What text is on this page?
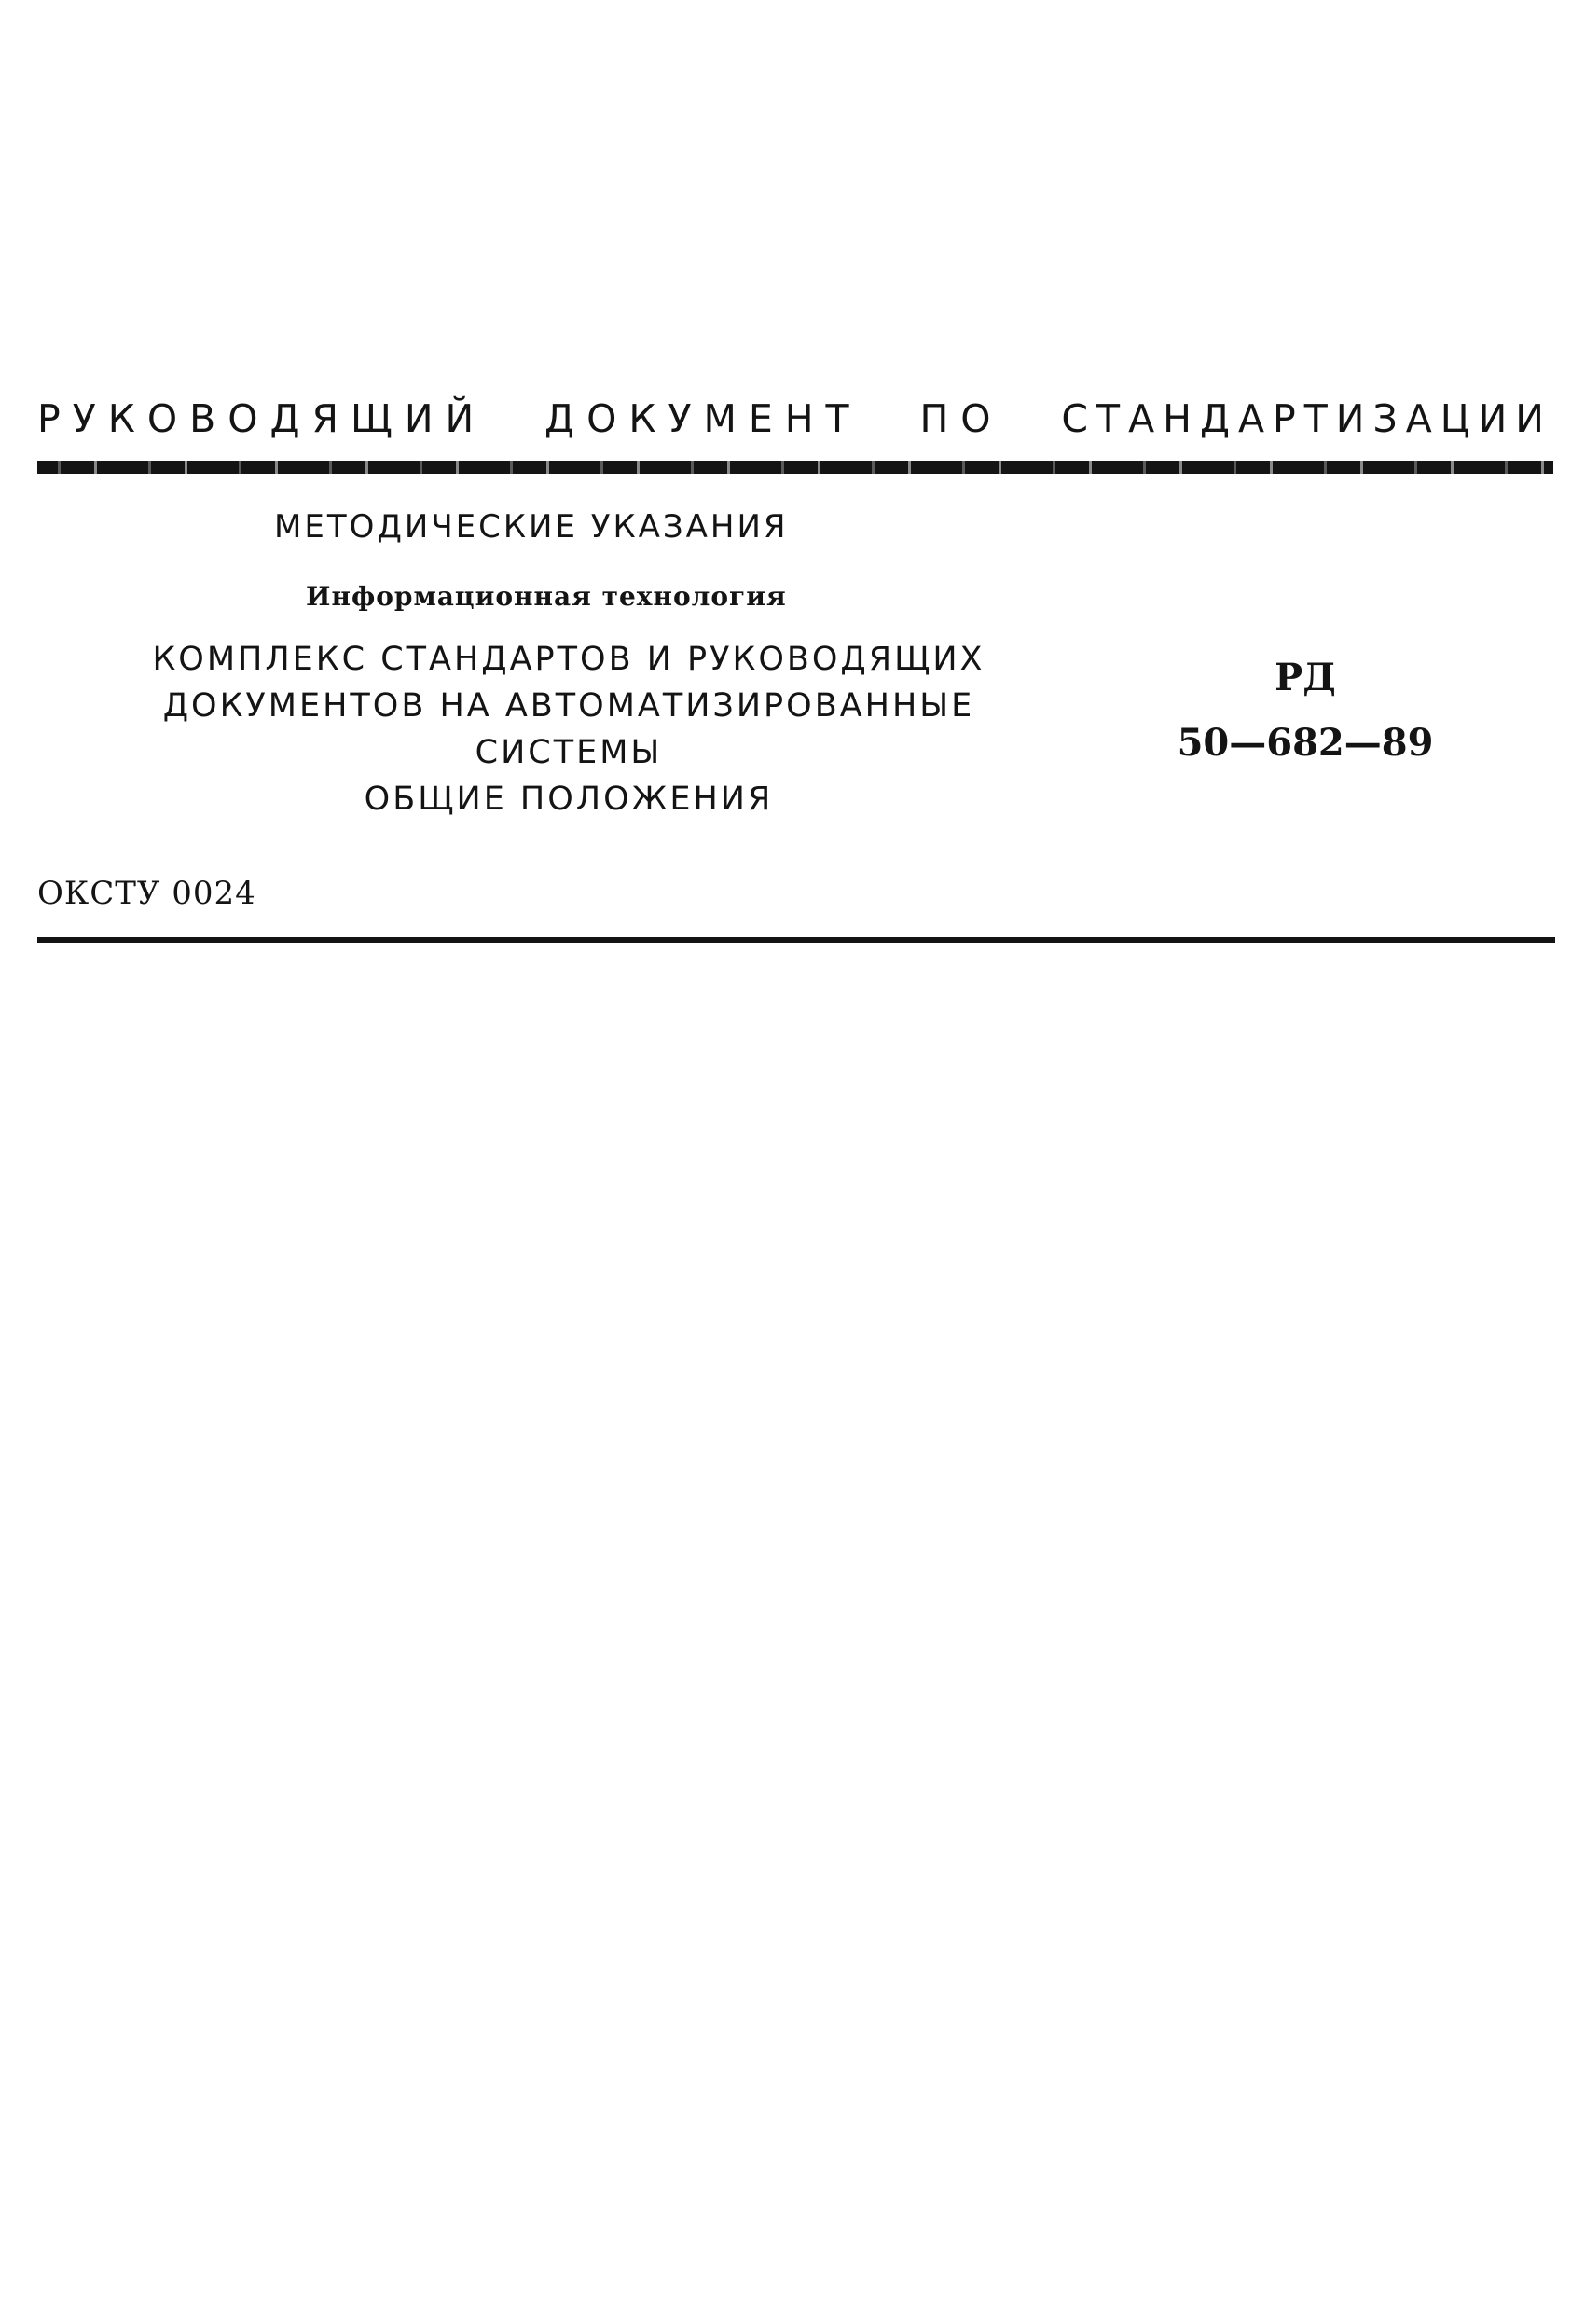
РУКОВОДЯЩИЙ ДОКУМЕНТ ПО СТАНДАРТИЗАЦИИ
МЕТОДИЧЕСКИЕ УКАЗАНИЯ
Информационная технология
КОМПЛЕКС СТАНДАРТОВ И РУКОВОДЯЩИХ
ДОКУМЕНТОВ НА АВТОМАТИЗИРОВАННЫЕ
СИСТЕМЫ
ОБЩИЕ ПОЛОЖЕНИЯ
РД
50—682—89
ОКСТУ 0024
